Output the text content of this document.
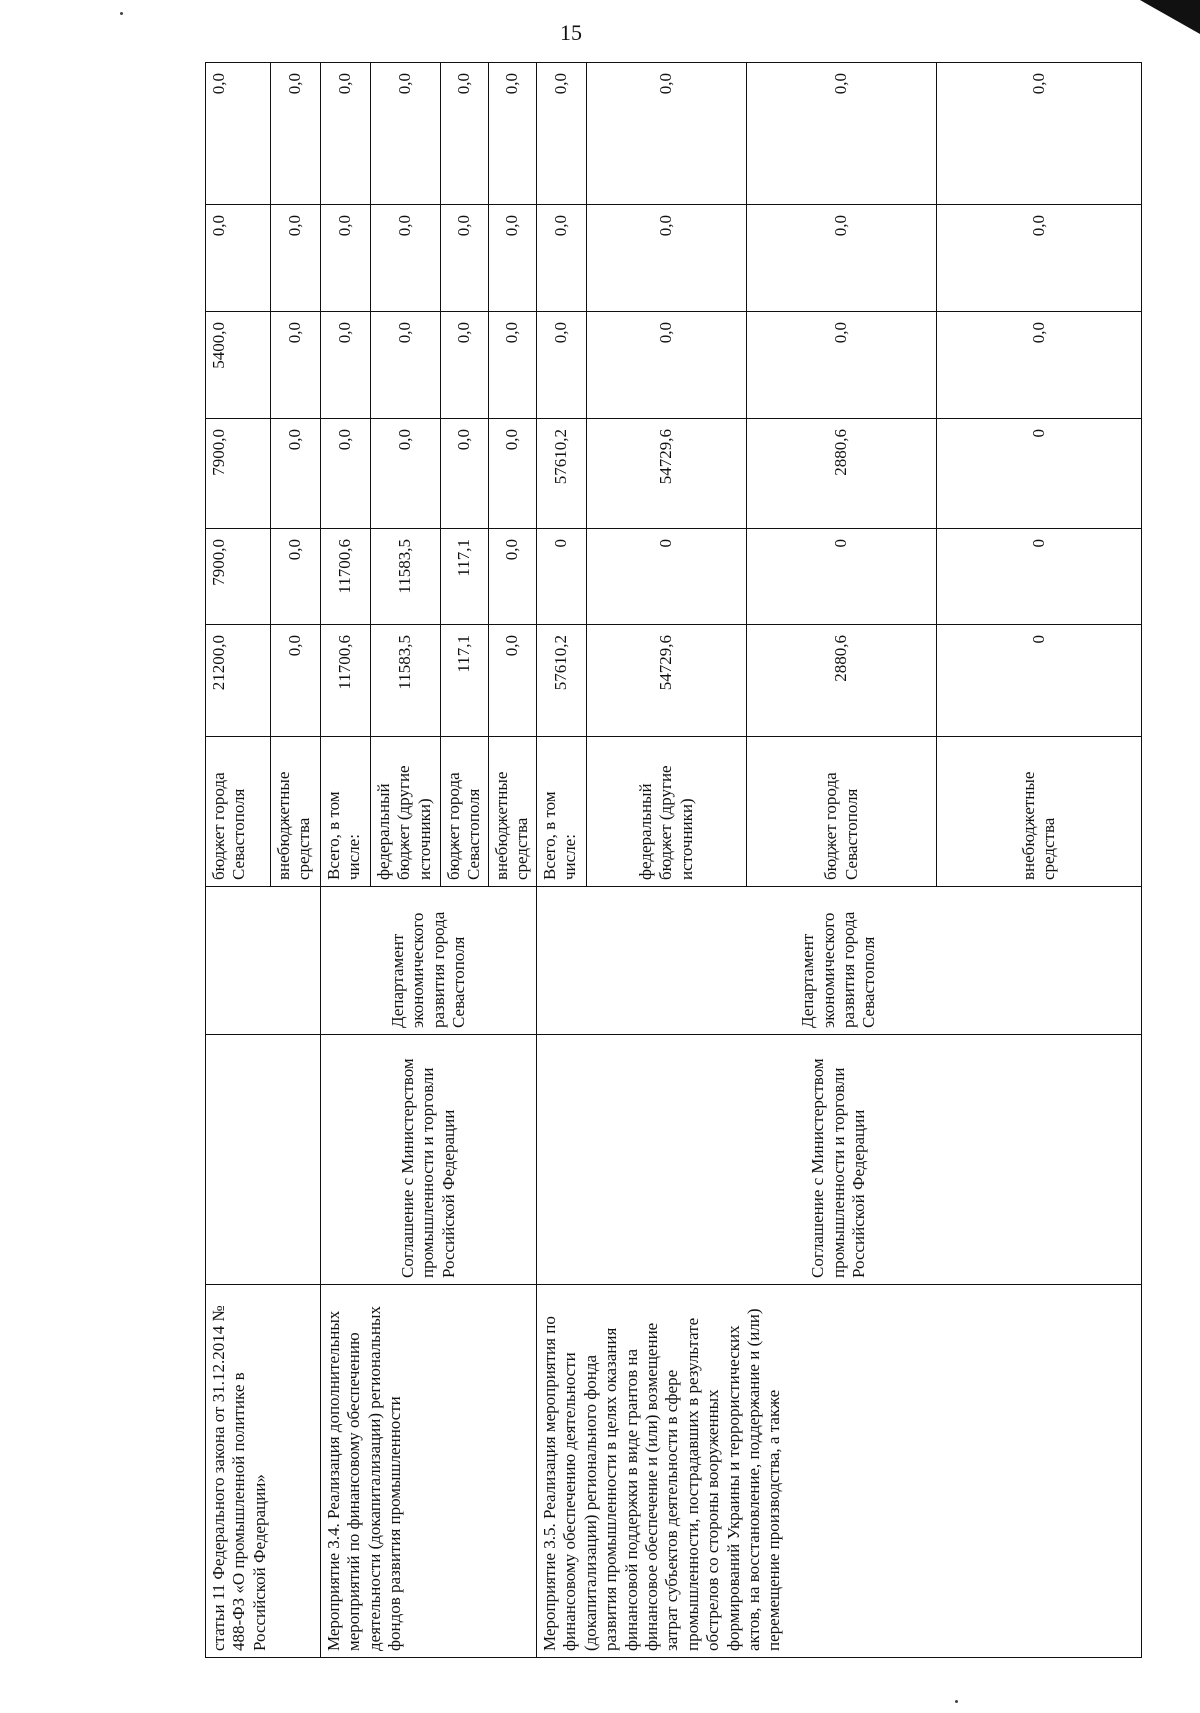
15
статьи 11 Федерального закона от 31.12.2014 № 488-ФЗ «О промышленной политике в Российской Федерации»			бюджет города Севастополя	21200,0	7900,0	7900,0	5400,0	0,0	0,0
			внебюджетные средства	0,0	0,0	0,0	0,0	0,0	0,0
Мероприятие 3.4. Реализация дополнительных мероприятий по финансовому обеспечению деятельности (докапитализации) региональных фондов развития промышленности	Соглашение с Министерством промышленности и торговли Российской Федерации	Департамент экономического развития города Севастополя	Всего, в том числе:	11700,6	11700,6	0,0	0,0	0,0	0,0
			федеральный бюджет (другие источники)	11583,5	11583,5	0,0	0,0	0,0	0,0
			бюджет города Севастополя	117,1	117,1	0,0	0,0	0,0	0,0
			внебюджетные средства	0,0	0,0	0,0	0,0	0,0	0,0
Мероприятие 3.5. Реализация мероприятия по финансовому обеспечению деятельности (докапитализации) регионального фонда развития промышленности в целях оказания финансовой поддержки в виде грантов на финансовое обеспечение и (или) возмещение затрат субъектов деятельности в сфере промышленности, пострадавших в результате обстрелов со стороны вооруженных формирований Украины и террористических актов, на восстановление, поддержание и (или) перемещение производства, а также	Соглашение с Министерством промышленности и торговли Российской Федерации	Департамент экономического развития города Севастополя	Всего, в том числе:	57610,2	0	57610,2	0,0	0,0	0,0
			федеральный бюджет (другие источники)	54729,6	0	54729,6	0,0	0,0	0,0
			бюджет города Севастополя	2880,6	0	2880,6	0,0	0,0	0,0
			внебюджетные средства	0	0	0	0,0	0,0	0,0
